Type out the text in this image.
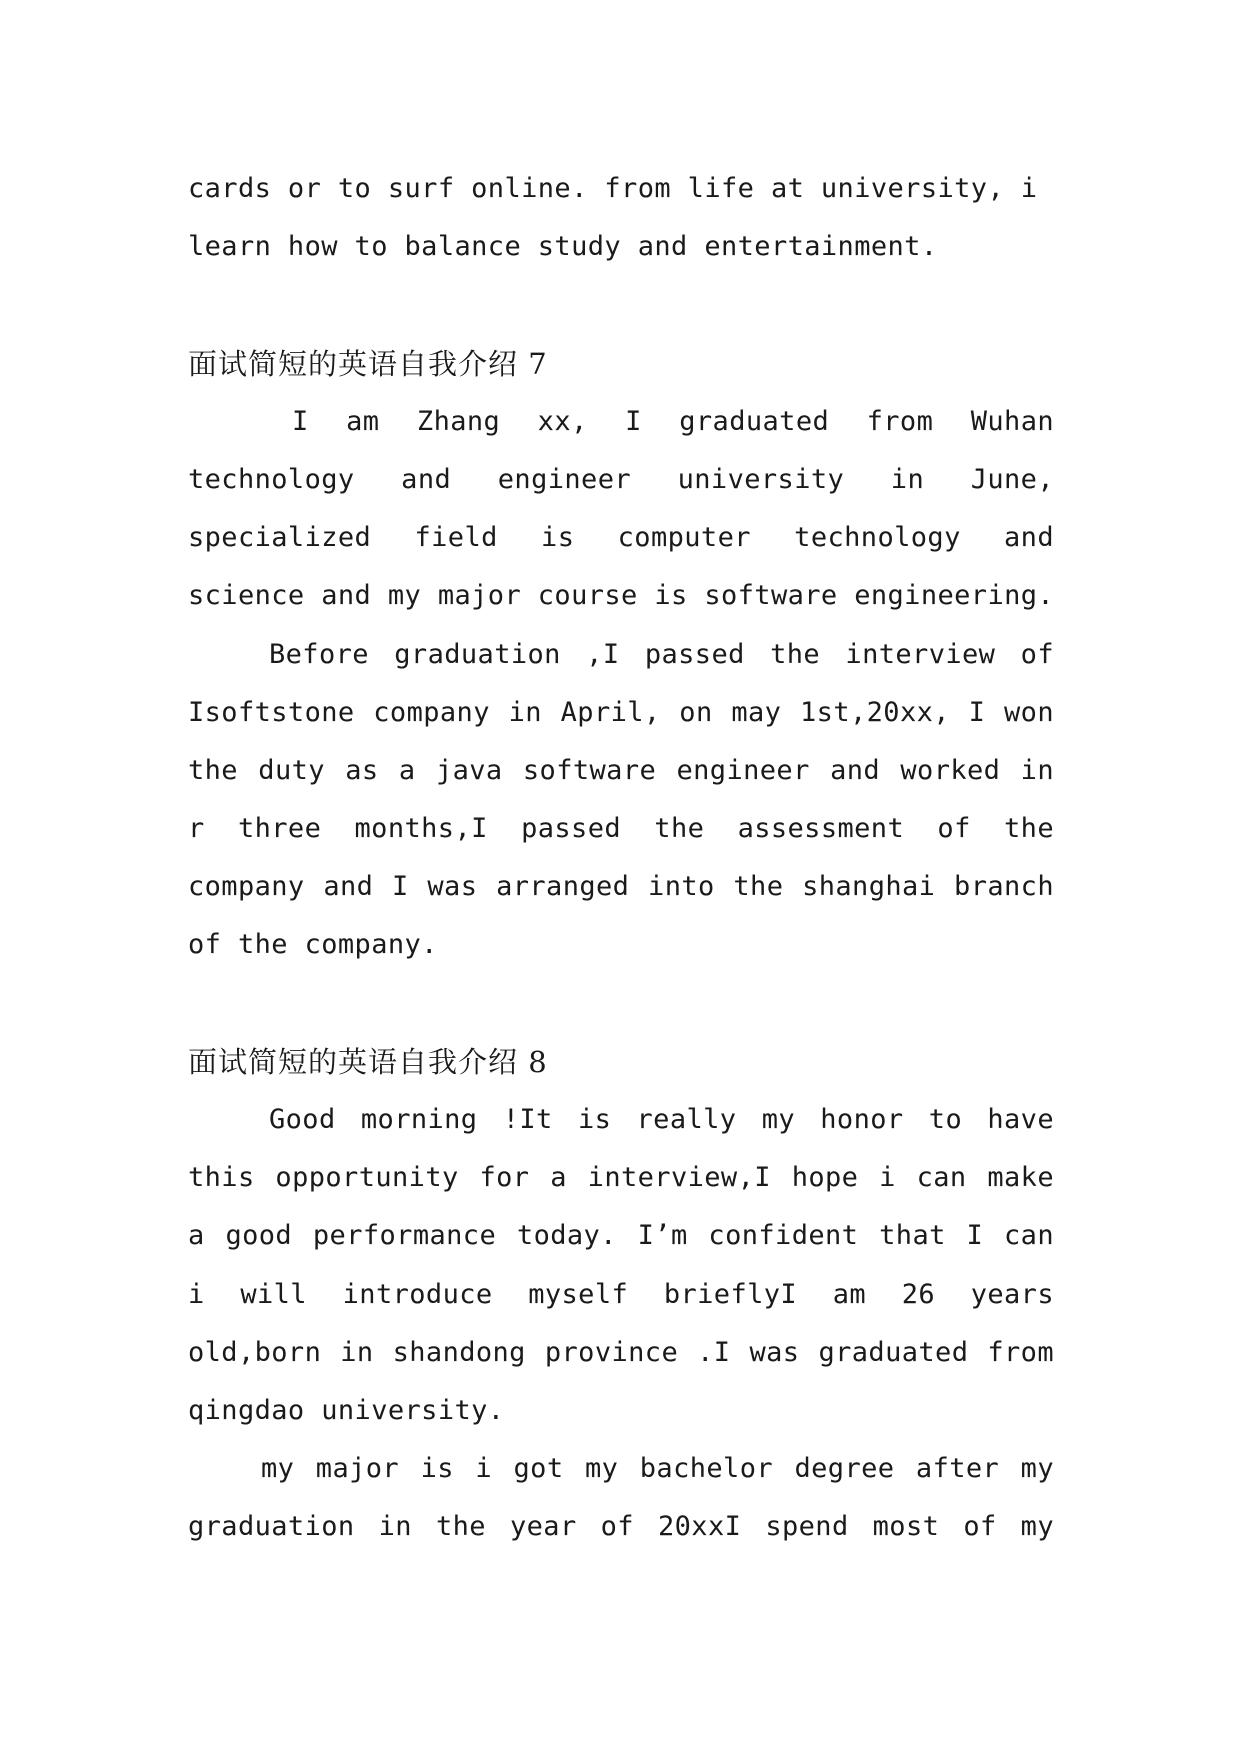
cards or to surf online. from life at university, i
learn how to balance study and entertainment.
面试简短的英语自我介绍 7
I am Zhang xx, I graduated from Wuhan
technology and engineer university in June,
specialized field is computer technology and
science and my major course is software engineering.
Before graduation ,I passed the interview of
Isoftstone company in April, on may 1st,20xx, I won
the duty as a java software engineer and worked in
r three months,I passed the assessment of the
company and I was arranged into the shanghai branch
of the company.
面试简短的英语自我介绍 8
Good morning !It is really my honor to have
this opportunity for a interview,I hope i can make
a good performance today. I’m confident that I can
i will introduce myself brieflyI am 26 years
old,born in shandong province .I was graduated from
qingdao university.
my major is i got my bachelor degree after my
graduation in the year of 20xxI spend most of my
